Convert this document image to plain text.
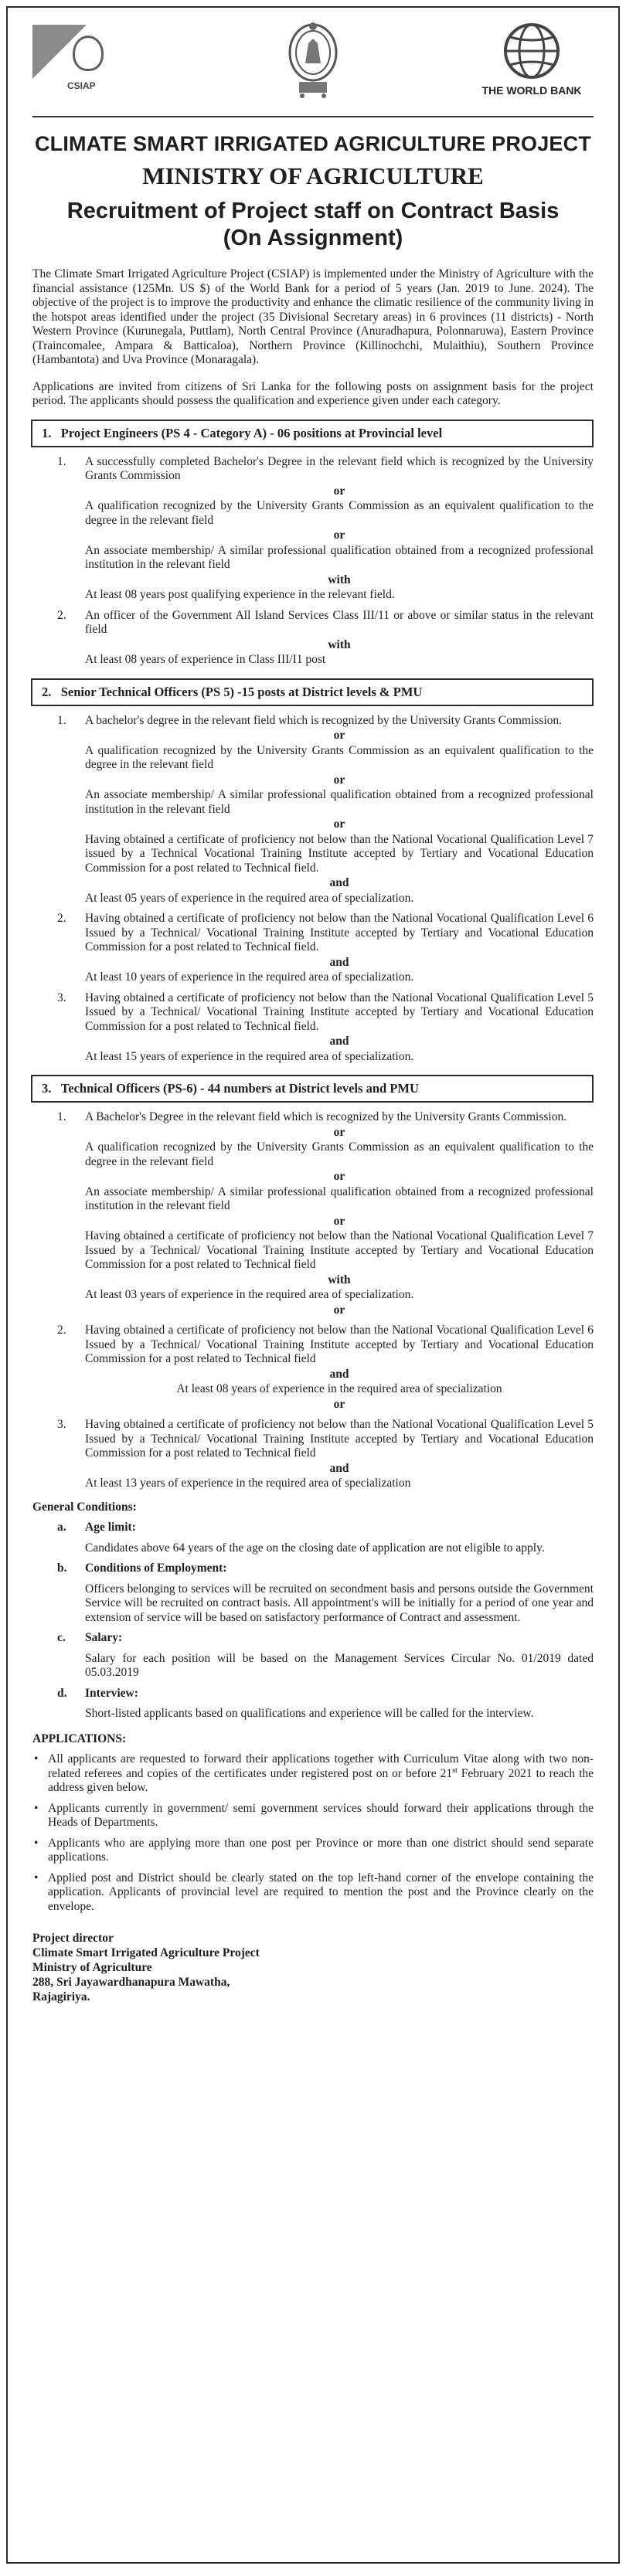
CSIAP	THE WORLD BANK
CLIMATE SMART IRRIGATED AGRICULTURE PROJECT
MINISTRY OF AGRICULTURE
Recruitment of Project staff on Contract Basis
(On Assignment)

The Climate Smart Irrigated Agriculture Project (CSIAP) is implemented under the Ministry of Agriculture with the financial assistance (125Mn. US $) of the World Bank for a period of 5 years (Jan. 2019 to June. 2024). The objective of the project is to improve the productivity and enhance the climatic resilience of the community living in the hotspot areas identified under the project (35 Divisional Secretary areas) in 6 provinces (11 districts) - North Western Province (Kurunegala, Puttlam), North Central Province (Anuradhapura, Polonnaruwa), Eastern Province (Traincomalee, Ampara & Batticaloa), Northern Province (Killinochchi, Mulaithiu), Southern Province (Hambantota) and Uva Province (Monaragala).

Applications are invited from citizens of Sri Lanka for the following posts on assignment basis for the project period. The applicants should possess the qualification and experience given under each category.

1.   Project Engineers (PS 4 - Category A) - 06 positions at Provincial level
1. A successfully completed Bachelor's Degree in the relevant field which is recognized by the University Grants Commission
or
A qualification recognized by the University Grants Commission as an equivalent qualification to the degree in the relevant field
or
An associate membership/ A similar professional qualification obtained from a recognized professional institution in the relevant field
with
At least 08 years post qualifying experience in the relevant field.
2. An officer of the Government All Island Services Class III/11 or above or similar status in the relevant field
with
At least 08 years of experience in Class III/I1 post
2.   Senior Technical Officers (PS 5) -15 posts at District levels & PMU
1. A bachelor's degree in the relevant field which is recognized by the University Grants Commission.
or
A qualification recognized by the University Grants Commission as an equivalent qualification to the degree in the relevant field
or
An associate membership/ A similar professional qualification obtained from a recognized professional institution in the relevant field
or
Having obtained a certificate of proficiency not below than the National Vocational Qualification Level 7 issued by a Technical Vocational Training Institute accepted by Tertiary and Vocational Education Commission for a post related to Technical field.
and
At least 05 years of experience in the required area of specialization.
2. Having obtained a certificate of proficiency not below than the National Vocational Qualification Level 6 Issued by a Technical/ Vocational Training Institute accepted by Tertiary and Vocational Education Commission for a post related to Technical field.
and
At least 10 years of experience in the required area of specialization.
3. Having obtained a certificate of proficiency not below than the National Vocational Qualification Level 5 Issued by a Technical/ Vocational Training Institute accepted by Tertiary and Vocational Education Commission for a post related to Technical field.
and
At least 15 years of experience in the required area of specialization.
3.   Technical Officers (PS-6) - 44 numbers at District levels and PMU
1. A Bachelor's Degree in the relevant field which is recognized by the University Grants Commission.
or
A qualification recognized by the University Grants Commission as an equivalent qualification to the degree in the relevant field
or
An associate membership/ A similar professional qualification obtained from a recognized professional institution in the relevant field
or
Having obtained a certificate of proficiency not below than the National Vocational Qualification Level 7 Issued by a Technical/ Vocational Training Institute accepted by Tertiary and Vocational Education Commission for a post related to Technical field
with
At least 03 years of experience in the required area of specialization.
or
2. Having obtained a certificate of proficiency not below than the National Vocational Qualification Level 6 Issued by a Technical/ Vocational Training Institute accepted by Tertiary and Vocational Education Commission for a post related to Technical field
and
At least 08 years of experience in the required area of specialization
or
3. Having obtained a certificate of proficiency not below than the National Vocational Qualification Level 5 Issued by a Technical/ Vocational Training Institute accepted by Tertiary and Vocational Education Commission for a post related to Technical field
and
At least 13 years of experience in the required area of specialization
General Conditions:
a. Age limit:
Candidates above 64 years of the age on the closing date of application are not eligible to apply.
b. Conditions of Employment:
Officers belonging to services will be recruited on secondment basis and persons outside the Government Service will be recruited on contract basis. All appointment's will be initially for a period of one year and extension of service will be based on satisfactory performance of Contract and assessment.
c. Salary:
Salary for each position will be based on the Management Services Circular No. 01/2019 dated 05.03.2019
d. Interview:
Short-listed applicants based on qualifications and experience will be called for the interview.
APPLICATIONS:
• All applicants are requested to forward their applications together with Curriculum Vitae along with two non-related referees and copies of the certificates under registered post on or before 21st February 2021 to reach the address given below.
• Applicants currently in government/ semi government services should forward their applications through the Heads of Departments.
• Applicants who are applying more than one post per Province or more than one district should send separate applications.
• Applied post and District should be clearly stated on the top left-hand corner of the envelope containing the application. Applicants of provincial level are required to mention the post and the Province clearly on the envelope.
Project director
Climate Smart Irrigated Agriculture Project
Ministry of Agriculture
288, Sri Jayawardhanapura Mawatha,
Rajagiriya.
